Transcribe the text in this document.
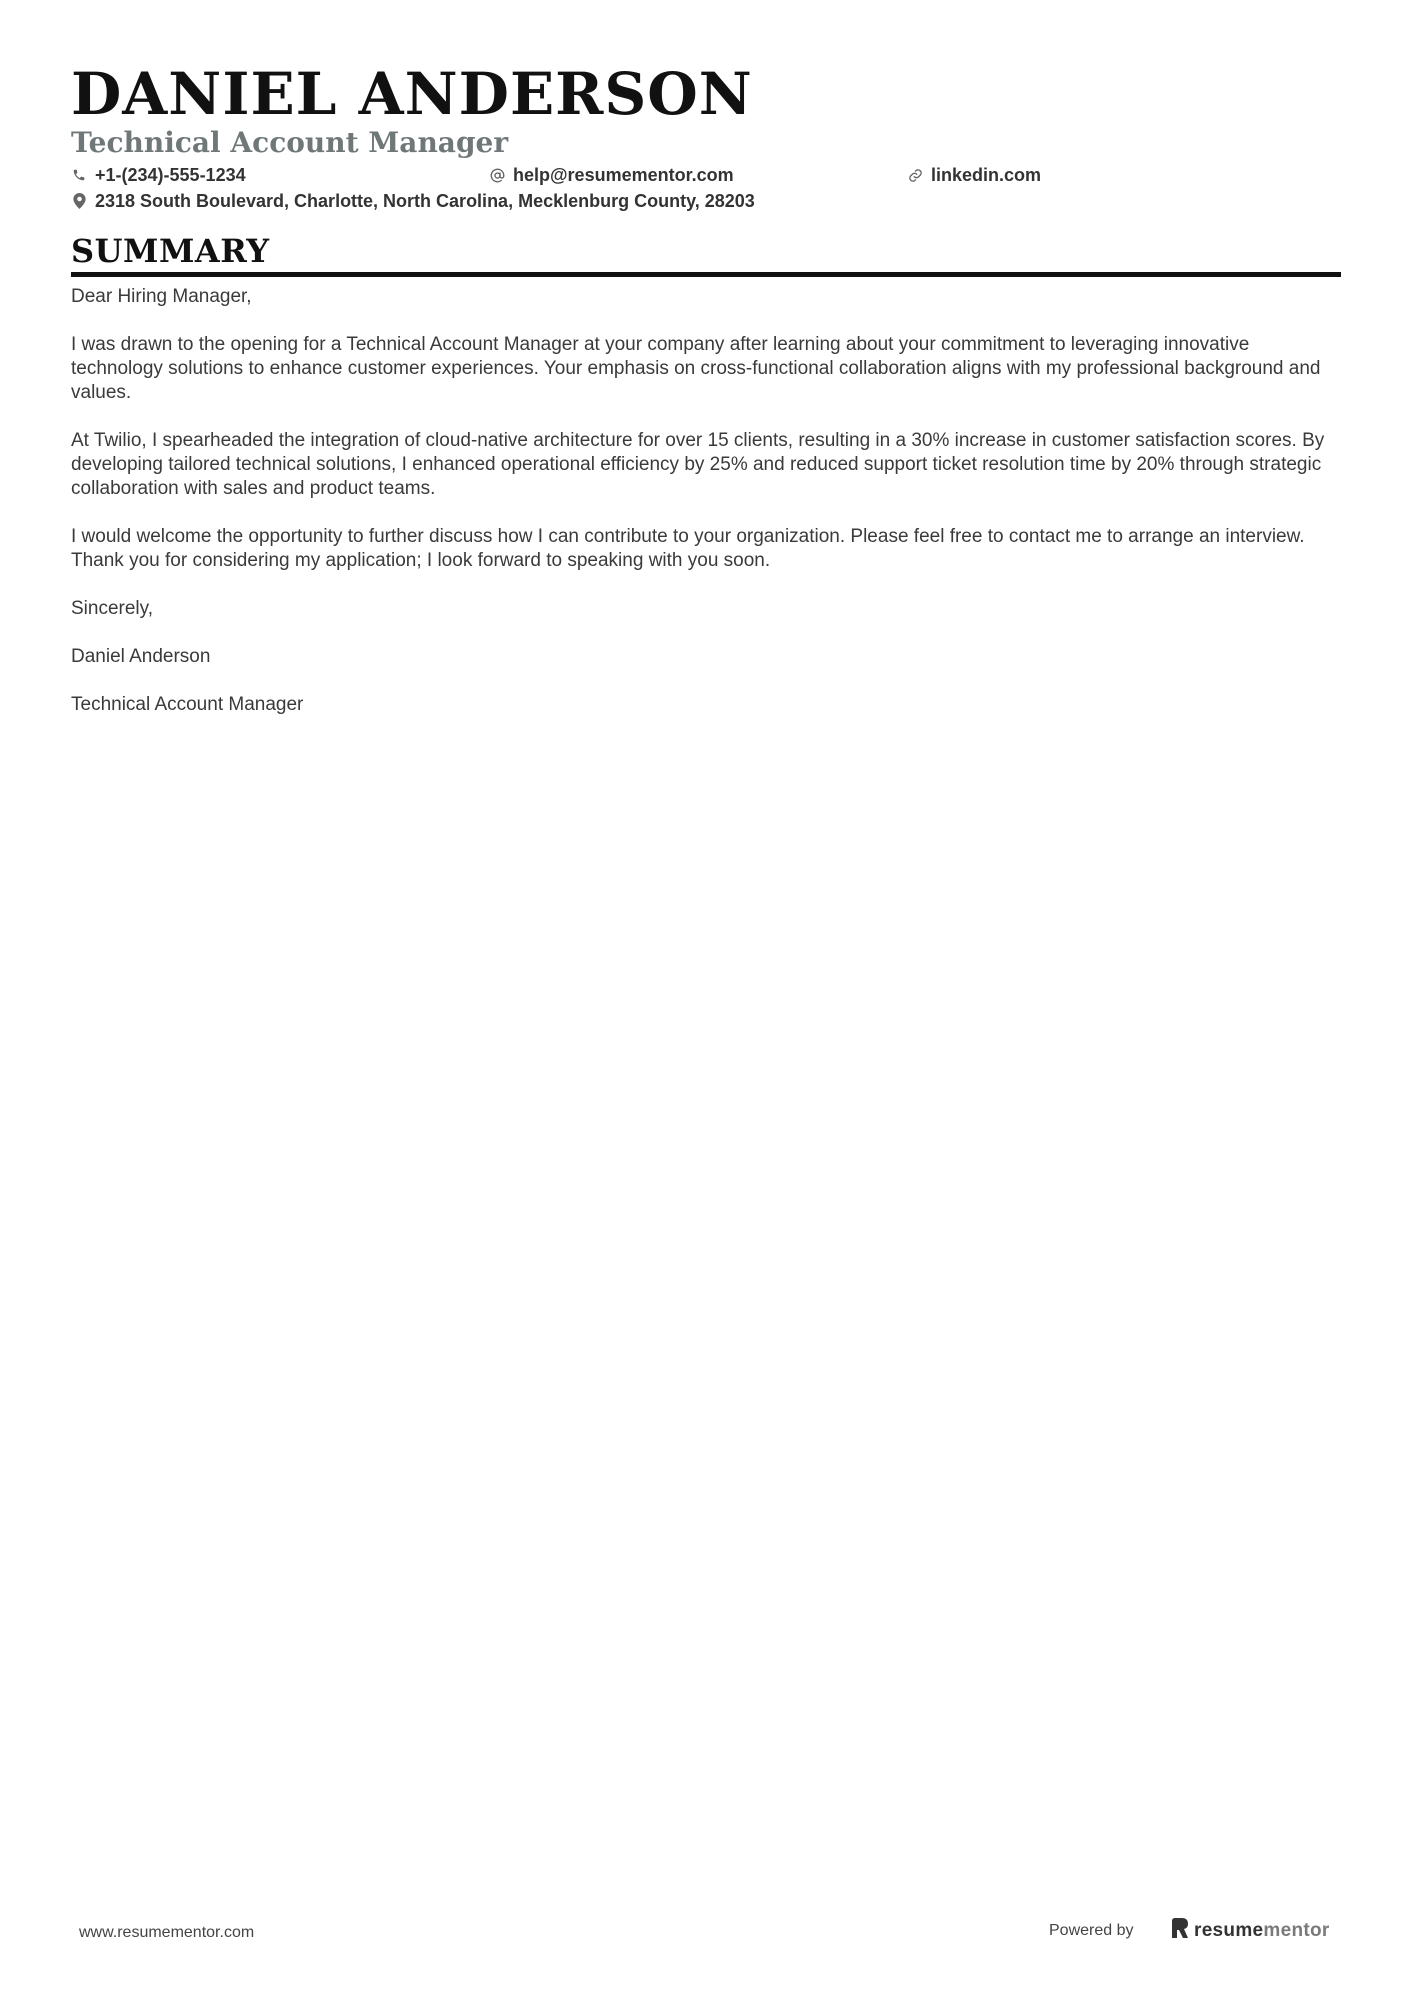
DANIEL ANDERSON
Technical Account Manager
+1-(234)-555-1234	help@resumementor.com	linkedin.com
2318 South Boulevard, Charlotte, North Carolina, Mecklenburg County, 28203
SUMMARY

Dear Hiring Manager,

I was drawn to the opening for a Technical Account Manager at your company after learning about your commitment to leveraging innovative technology solutions to enhance customer experiences. Your emphasis on cross-functional collaboration aligns with my professional background and values.

At Twilio, I spearheaded the integration of cloud-native architecture for over 15 clients, resulting in a 30% increase in customer satisfaction scores. By developing tailored technical solutions, I enhanced operational efficiency by 25% and reduced support ticket resolution time by 20% through strategic collaboration with sales and product teams.

I would welcome the opportunity to further discuss how I can contribute to your organization. Please feel free to contact me to arrange an interview. Thank you for considering my application; I look forward to speaking with you soon.

Sincerely,

Daniel Anderson

Technical Account Manager

www.resumementor.com	Powered by	resumementor
